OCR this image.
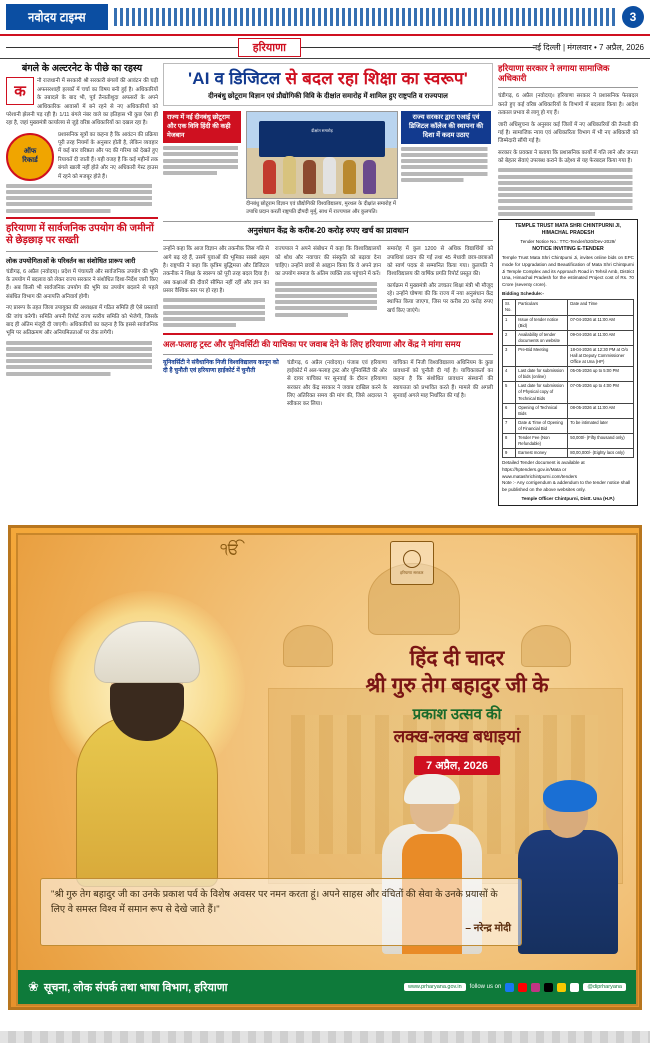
नवोदय टाइम्स	3
हरियाणा	नई दिल्ली | मंगलवार • 7 अप्रैल, 2026
बंगले के अल्टरनेट के पीछे का रहस्य
क

नौ राजधानी में सरकारी श्री सरकारी बंगलों की आवंटन की घड़ी अफसरशाही हलकों में चर्चा का विषय बनी हुई है। अधिकारियों के तबादले के बाद भी, पूर्व तैनातीशुदा अफसरों के अपने आधिकारिक आवासों में बने रहने से नए अधिकारियों को परेशानी झेलनी पड़ रही है। 1/11 बंगले नंबर वाले का इतिहास भी कुछ ऐसा ही रहा है, जहां मुख्यमंत्री कार्यालय से जुड़े वरिष्ठ अधिकारियों का दखल रहा है।

ऑफ
रिकार्ड

प्रशासनिक सूत्रों का कहना है कि आवंटन की प्रक्रिया पूरी तरह नियमों के अनुसार होती है, लेकिन व्यवहार में कई बार वरिष्ठता और पद की गरिमा को देखते हुए रियायतें दी जाती हैं। यही वजह है कि कई महीनों तक बंगले खाली नहीं होते और नए अधिकारी गेस्ट हाउस में रहने को मजबूर होते हैं।

हरियाणा में सार्वजनिक उपयोग की जमीनों से छेड़छाड़ पर सख्ती
लोक उपयोगिताओं के परिवर्तन का संशोधित प्रारूप जारी

चंडीगढ़, 6 अप्रैल (नवोदय)। प्रदेश में पंचायती और सार्वजनिक उपयोग की भूमि के उपयोग में बदलाव को लेकर राज्य सरकार ने संशोधित दिशा-निर्देश जारी किए हैं। अब किसी भी सार्वजनिक उपयोग की भूमि का उपयोग बदलने से पहले संबंधित विभाग की अनापत्ति अनिवार्य होगी।

नए प्रारूप के तहत जिला उपायुक्त की अध्यक्षता में गठित समिति ही ऐसे प्रस्तावों की जांच करेगी। समिति अपनी रिपोर्ट राज्य स्तरीय समिति को भेजेगी, जिसके बाद ही अंतिम मंजूरी दी जाएगी। अधिकारियों का कहना है कि इससे सार्वजनिक भूमि पर अतिक्रमण और अनियमितताओं पर रोक लगेगी।

'AI व डिजिटल से बदल रहा शिक्षा का स्वरूप'
दीनबंधु छोटूराम विज्ञान एवं प्रौद्योगिकी विवि के दीक्षांत समारोह में शामिल हुए राष्ट्रपति व राज्यपाल
राज्य में नई दीनबंधु छोटूराम और एक विवि हिंदी की कही मेजबान
दीक्षांत समारोह
दीनबंधु छोटूराम विज्ञान एवं प्रौद्योगिकी विश्वविद्यालय, मुरथल के दीक्षांत समारोह में उपाधि प्रदान करतीं राष्ट्रपति द्रौपदी मुर्मू, साथ में राज्यपाल और कुलपति।
राज्य सरकार द्वारा एआई एवं डिजिटल कॉलेज की स्थापना की दिशा में कदम उठाए
अनुसंधान केंद्र के करीब-20 करोड़ रुपए खर्च का प्रावधान

उन्होंने कहा कि आज विज्ञान और तकनीक जिस गति से आगे बढ़ रहे हैं, उसमें युवाओं की भूमिका सबसे अहम है। राष्ट्रपति ने कहा कि कृत्रिम बुद्धिमत्ता और डिजिटल तकनीक ने शिक्षा के स्वरूप को पूरी तरह बदल दिया है। अब कक्षाओं की दीवारें सीमित नहीं रहीं और ज्ञान का प्रसार वैश्विक स्तर पर हो रहा है।

राज्यपाल ने अपने संबोधन में कहा कि विश्वविद्यालयों को शोध और नवाचार की संस्कृति को बढ़ावा देना चाहिए। उन्होंने छात्रों से आह्वान किया कि वे अपने ज्ञान का उपयोग समाज के अंतिम व्यक्ति तक पहुंचाने में करें।

समारोह में कुल 1200 से अधिक विद्यार्थियों को उपाधियां प्रदान की गईं तथा 45 मेधावी छात्र-छात्राओं को स्वर्ण पदक से सम्मानित किया गया। कुलपति ने विश्वविद्यालय की वार्षिक प्रगति रिपोर्ट प्रस्तुत की।

कार्यक्रम में मुख्यमंत्री और उच्चतर शिक्षा मंत्री भी मौजूद रहे। उन्होंने घोषणा की कि राज्य में नया अनुसंधान केंद्र स्थापित किया जाएगा, जिस पर करीब 20 करोड़ रुपए खर्च किए जाएंगे।

अल-फलाह ट्रस्ट और यूनिवर्सिटी की याचिका पर जवाब देने के लिए हरियाणा और केंद्र ने मांगा समय
यूनिवर्सिटी ने संवैधानिक निजी विश्वविद्यालय कानून को दी है चुनौती एवं हरियाणा हाईकोर्ट में चुनौती

चंडीगढ़, 6 अप्रैल (नवोदय)। पंजाब एवं हरियाणा हाईकोर्ट में अल-फलाह ट्रस्ट और यूनिवर्सिटी की ओर से दायर याचिका पर सुनवाई के दौरान हरियाणा सरकार और केंद्र सरकार ने जवाब दाखिल करने के लिए अतिरिक्त समय की मांग की, जिसे अदालत ने स्वीकार कर लिया।

याचिका में निजी विश्वविद्यालय अधिनियम के कुछ प्रावधानों को चुनौती दी गई है। याचिकाकर्ता का कहना है कि संशोधित प्रावधान संस्थानों की स्वायत्तता को प्रभावित करते हैं। मामले की अगली सुनवाई अगले माह निर्धारित की गई है।

हरियाणा सरकार ने लगाया सामाजिक अधिकारी

चंडीगढ़, 6 अप्रैल (नवोदय)। हरियाणा सरकार ने प्रशासनिक फेरबदल करते हुए कई वरिष्ठ अधिकारियों के विभागों में बदलाव किया है। आदेश तत्काल प्रभाव से लागू हो गए हैं।

जारी अधिसूचना के अनुसार कई जिलों में नए अधिकारियों की तैनाती की गई है। सामाजिक न्याय एवं अधिकारिता विभाग में भी नए अधिकारी को जिम्मेदारी सौंपी गई है।

सरकार के प्रवक्ता ने बताया कि प्रशासनिक कार्यों में गति लाने और जनता को बेहतर सेवाएं उपलब्ध कराने के उद्देश्य से यह फेरबदल किया गया है।

TEMPLE TRUST MATA SHRI CHINTPURNI JI, HIMACHAL PRADESH
Tender Notice No.: TTC-Tender/520/Dev-2029/
NOTICE INVITING E-TENDER
Temple Trust Mata Shri Chintpurni Ji, invites online bids on EPC mode for Upgradation and Beautification of Mata Shri Chintpurni Ji Temple Complex and its Approach Road in Tehsil Amb, District Una, Himachal Pradesh for the estimated Project cost of Rs. 70 Crore (seventy crore).
Bidding Schedule:-
Sr. No.	Particulars	Date and Time
1	Issue of tender notice (Bid)	07-04-2026 at 11:00 AM
2	Availability of tender documents on website	09-04-2026 at 11:00 AM
3	Pre-Bid Meeting	18-04-2026 at 12:30 PM at O/o Hall at Deputy Commissioner Office at Una (HP)
4	Last date for submission of bids (online)	05-05-2026 up to 5:00 PM
5	Last date for submission of Physical copy of Technical Bids	07-05-2026 up to 4:00 PM
6	Opening of Technical Bids	08-05-2026 at 11:00 AM
7	Date & Time of Opening of Financial Bid	To be intimated later
8	Tender Fee (Non Refundable)	50,000/- (Fifty thousand only)
9	Earnest money	80,00,000/- (Eighty lacs only)
Detailed Tender document is available at https://hptenders.gov.in/Mata or www.matashrichintpurni.com/tenders
Note :- Any corrigendum & addendum to the tender notice shall be published on the above websites only.
Temple Officer Chintpurni, Distt. Una (H.P.)
ੴ
हरियाणा सरकार
हिंद दी चादर
श्री गुरु तेग बहादुर जी के
प्रकाश उत्सव की
लक्ख-लक्ख बधाइयां
7 अप्रैल, 2026
"श्री गुरु तेग बहादुर जी का उनके प्रकाश पर्व के विशेष अवसर पर नमन करता हूं। अपने साहस और वंचितों की सेवा के उनके प्रयासों के लिए वे समस्त विश्व में समान रूप से देखे जाते हैं।"
– नरेन्द्र मोदी
❀ सूचना, लोक संपर्क तथा भाषा विभाग, हरियाणा	www.prharyana.gov.in	follow us on	@diprharyana
